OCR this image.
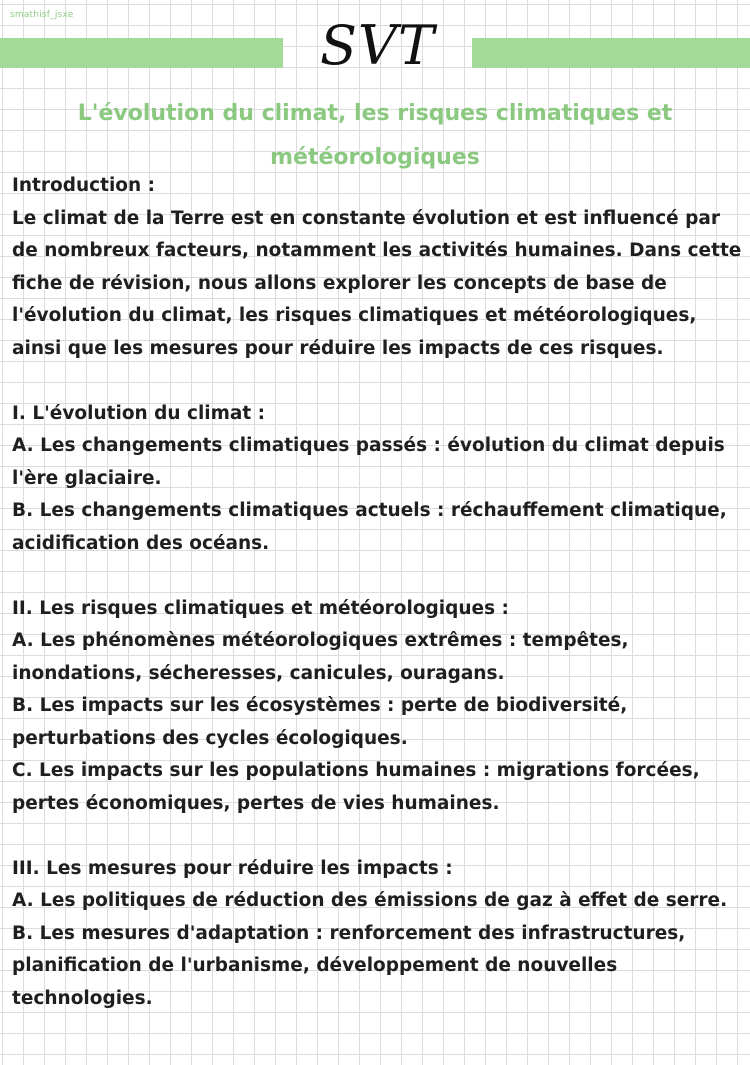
smathisf_jsxe	SVT
L'évolution du climat, les risques climatiques et
météorologiques

Introduction :

Le climat de la Terre est en constante évolution et est influencé par

de nombreux facteurs, notamment les activités humaines. Dans cette

fiche de révision, nous allons explorer les concepts de base de

l'évolution du climat, les risques climatiques et météorologiques,

ainsi que les mesures pour réduire les impacts de ces risques.

I. L'évolution du climat :

A. Les changements climatiques passés : évolution du climat depuis

l'ère glaciaire.

B. Les changements climatiques actuels : réchauffement climatique,

acidification des océans.

II. Les risques climatiques et météorologiques :

A. Les phénomènes météorologiques extrêmes : tempêtes,

inondations, sécheresses, canicules, ouragans.

B. Les impacts sur les écosystèmes : perte de biodiversité,

perturbations des cycles écologiques.

C. Les impacts sur les populations humaines : migrations forcées,

pertes économiques, pertes de vies humaines.

III. Les mesures pour réduire les impacts :

A. Les politiques de réduction des émissions de gaz à effet de serre.

B. Les mesures d'adaptation : renforcement des infrastructures,

planification de l'urbanisme, développement de nouvelles

technologies.
